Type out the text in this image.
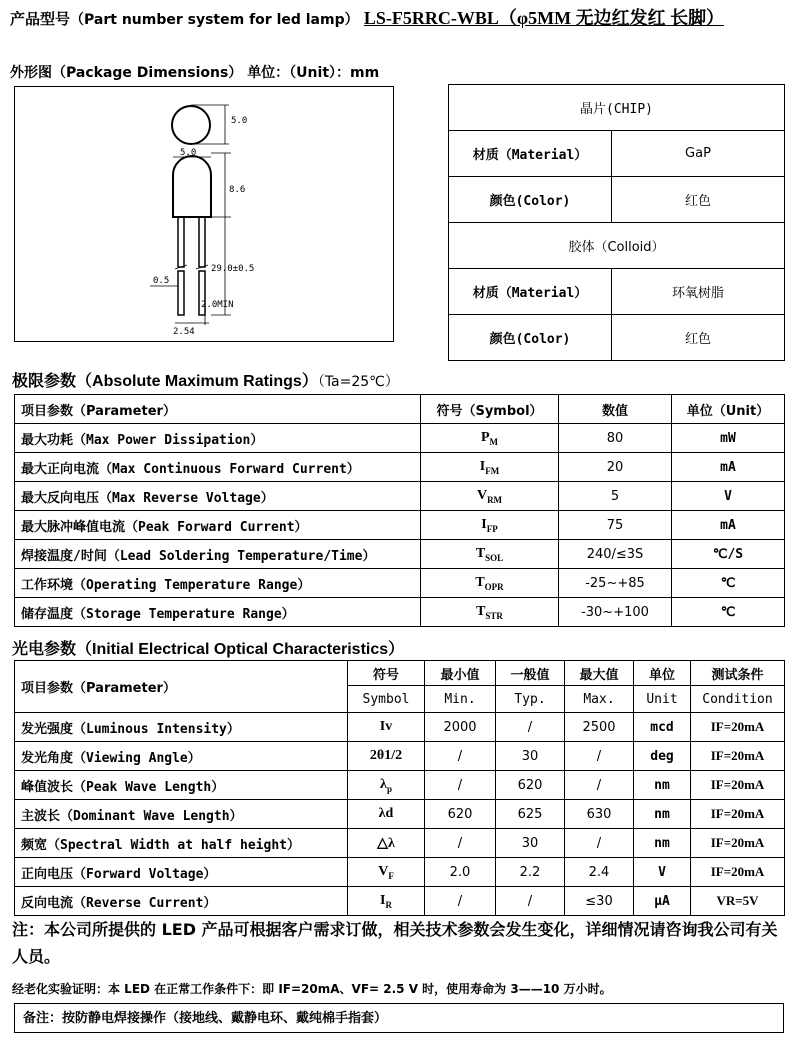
产品型号（Part number system for led lamp） LS-F5RRC-WBL（φ5MM 无边红发红 长脚）
外形图（Package Dimensions） 单位：（Unit）：mm
5.0
5.0
8.6
29.0±0.5
0.5
2.0MIN
2.54
晶片(CHIP)	
材质（Material）	GaP
颜色(Color)	红色
胶体（Colloid）	
材质（Material）	环氧树脂
颜色(Color)	红色
极限参数（Absolute Maximum Ratings）（Ta=25℃）
项目参数（Parameter）	符号（Symbol）	数值	单位（Unit）
最大功耗（Max Power Dissipation）	$P_M$	80	mW
最大正向电流（Max Continuous Forward Current）	$I_{FM}$	20	mA
最大反向电压（Max Reverse Voltage）	$V_{RM}$	5	V
最大脉冲峰值电流（Peak Forward Current）	$I_{FP}$	75	mA
焊接温度/时间（Lead Soldering Temperature/Time）	$T_{SOL}$	240/≤3S	℃/S
工作环境（Operating Temperature Range）	$T_{OPR}$	-25~+85	℃
储存温度（Storage Temperature Range）	$T_{STR}$	-30~+100	℃
光电参数（Initial Electrical Optical Characteristics）
项目参数（Parameter）	符号	最小值	一般值	最大值	单位	测试条件
	Symbol	Min.	Typ.	Max.	Unit	Condition
发光强度（Luminous Intensity）	Iv	2000	/	2500	mcd	IF=20mA
发光角度（Viewing Angle）	2θ1/2	/	30	/	deg	IF=20mA
峰值波长（Peak Wave Length）	$\lambda_p$	/	620	/	nm	IF=20mA
主波长（Dominant Wave Length）	λd	620	625	630	nm	IF=20mA
频宽（Spectral Width at half height）	△λ	/	30	/	nm	IF=20mA
正向电压（Forward Voltage）	$V_F$	2.0	2.2	2.4	V	IF=20mA
反向电流（Reverse Current）	$I_R$	/	/	≤30	μA	VR=5V
注：本公司所提供的 LED 产品可根据客户需求订做，相关技术参数会发生变化，详细情况请咨询我公司有关人员。
经老化实验证明：本 LED 在正常工作条件下：即 IF=20mA、VF= 2.5 V 时，使用寿命为 3——10 万小时。
备注：按防静电焊接操作（接地线、戴静电环、戴纯棉手指套）
